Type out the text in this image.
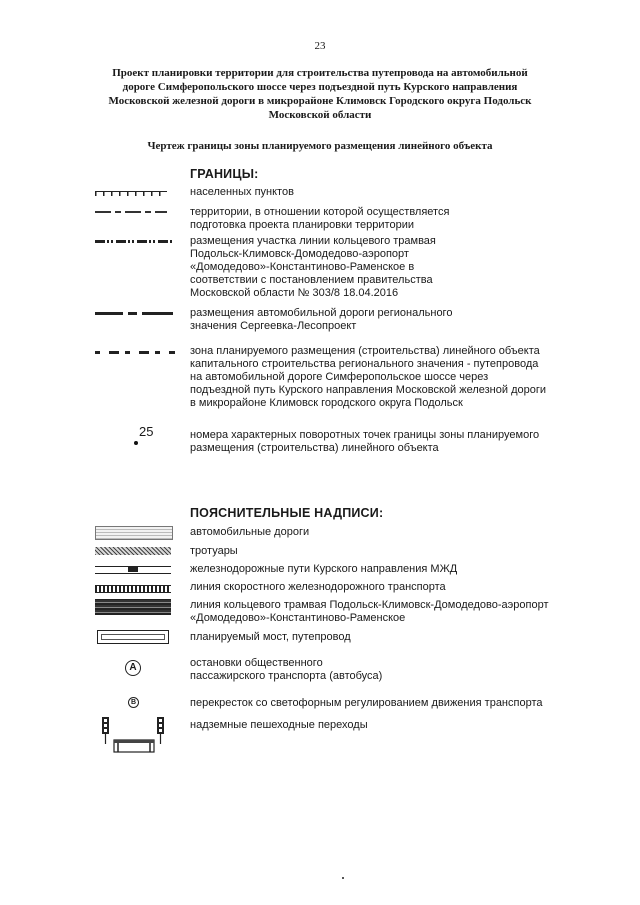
23
Проект планировки территории для строительства путепровода на автомобильной дороге Симферопольского шоссе через подъездной путь Курского направления Московской железной дороги в микрорайоне Климовск Городского округа Подольск Московской области
Чертеж границы зоны планируемого размещения линейного объекта
ГРАНИЦЫ:
населенных пунктов
территории, в отношении которой осуществляется
подготовка проекта планировки территории
размещения участка линии кольцевого трамвая
Подольск-Климовск-Домодедово-аэропорт
«Домодедово»-Константиново-Раменское в
соответствии с постановлением правительства
Московской области № 303/8 18.04.2016
размещения автомобильной дороги регионального
значения Сергеевка-Лесопроект
зона планируемого размещения (строительства) линейного объекта
капитального строительства регионального значения - путепровода
на автомобильной дороге Симферопольское шоссе через
подъездной путь Курского направления Московской железной дороги
в микрорайоне Климовск городского округа Подольск
25	номера характерных поворотных точек границы зоны планируемого
размещения (строительства) линейного объекта
ПОЯСНИТЕЛЬНЫЕ НАДПИСИ:
автомобильные дороги
тротуары
железнодорожные пути Курского направления МЖД
линия скоростного железнодорожного транспорта
линия кольцевого трамвая Подольск-Климовск-Домодедово-аэропорт
«Домодедово»-Константиново-Раменское
планируемый мост, путепровод
A	остановки общественного
пассажирского транспорта (автобуса)
В	перекресток со светофорным регулированием движения транспорта
надземные пешеходные переходы
